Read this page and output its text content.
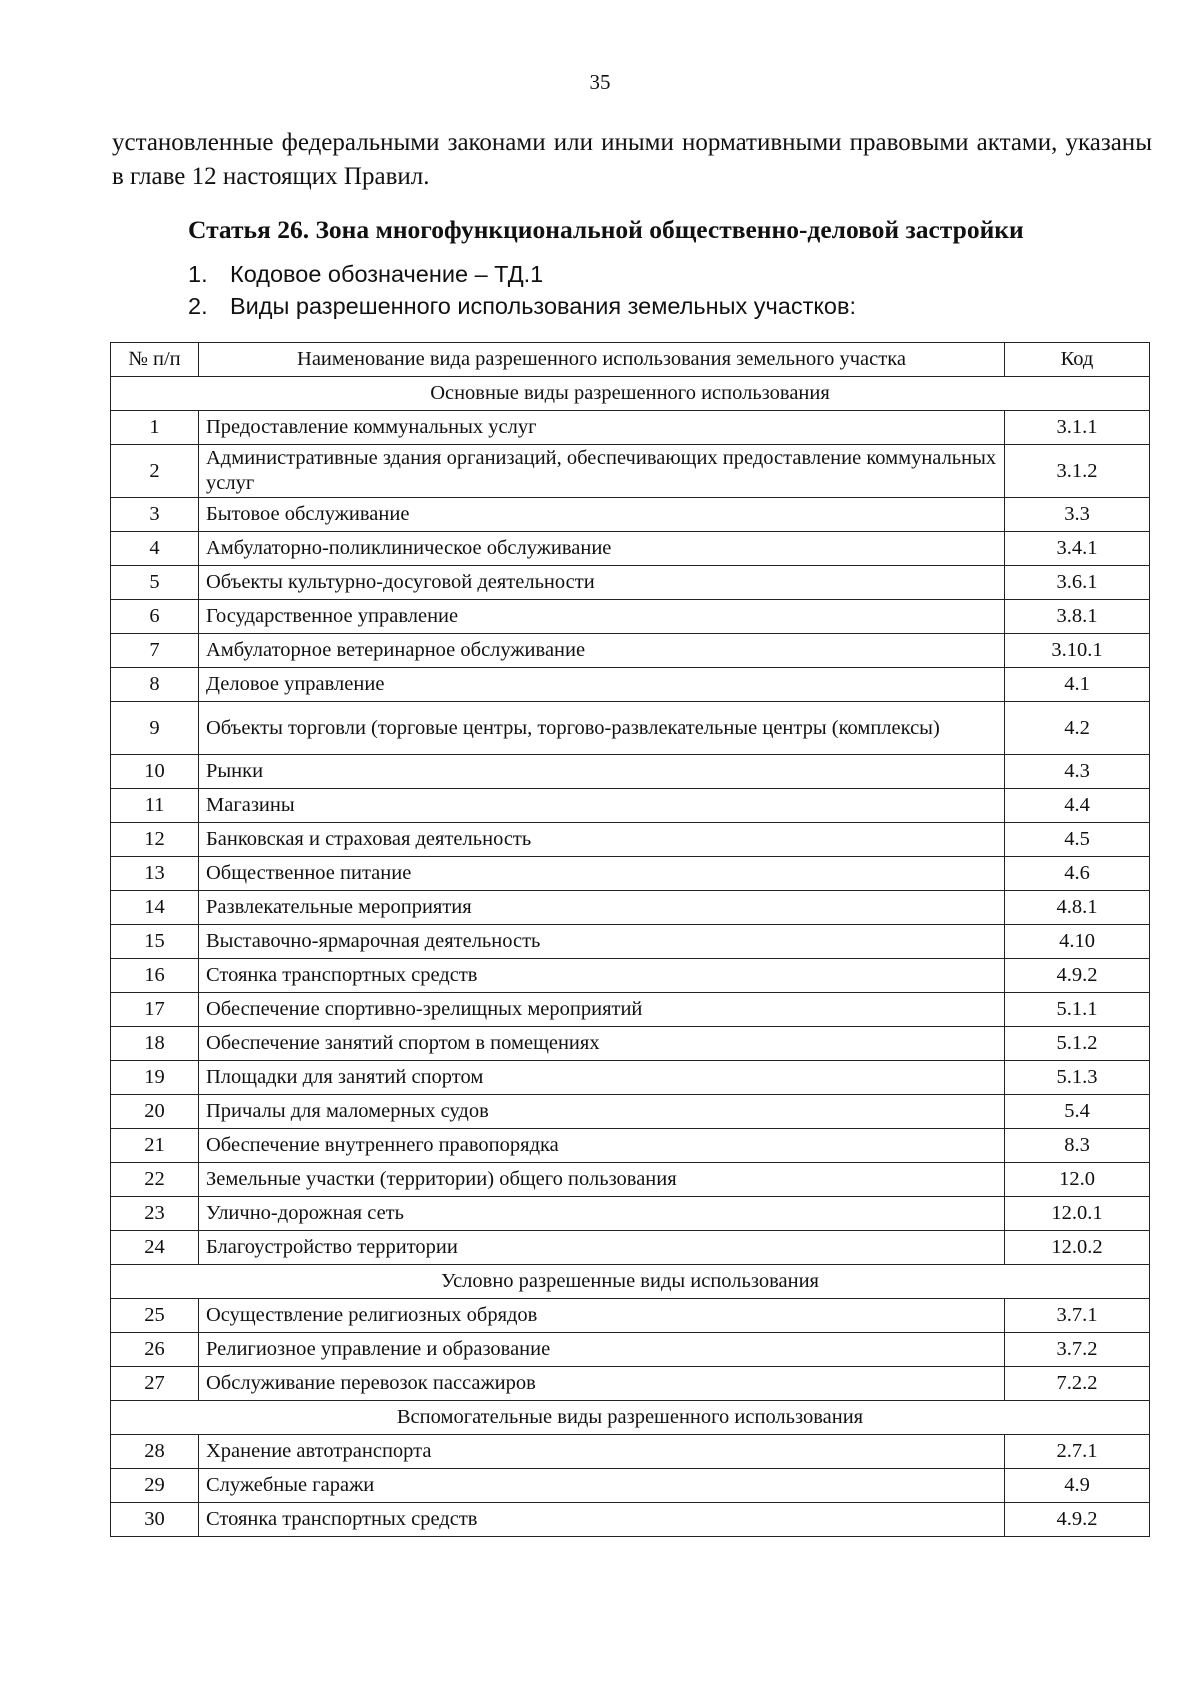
35

установленные федеральными законами или иными нормативными правовыми актами, указаны в главе 12 настоящих Правил.

Статья 26. Зона многофункциональной общественно-деловой застройки
1. Кодовое обозначение – ТД.1
2. Виды разрешенного использования земельных участков:
№ п/п	Наименование вида разрешенного использования земельного участка	Код
Основные виды разрешенного использования		
1	Предоставление коммунальных услуг	3.1.1
2	Административные здания организаций, обеспечивающих предоставление коммунальных услуг	3.1.2
3	Бытовое обслуживание	3.3
4	Амбулаторно-поликлиническое обслуживание	3.4.1
5	Объекты культурно-досуговой деятельности	3.6.1
6	Государственное управление	3.8.1
7	Амбулаторное ветеринарное обслуживание	3.10.1
8	Деловое управление	4.1
9	Объекты торговли (торговые центры, торгово-развлекательные центры (комплексы)	4.2
10	Рынки	4.3
11	Магазины	4.4
12	Банковская и страховая деятельность	4.5
13	Общественное питание	4.6
14	Развлекательные мероприятия	4.8.1
15	Выставочно-ярмарочная деятельность	4.10
16	Стоянка транспортных средств	4.9.2
17	Обеспечение спортивно-зрелищных мероприятий	5.1.1
18	Обеспечение занятий спортом в помещениях	5.1.2
19	Площадки для занятий спортом	5.1.3
20	Причалы для маломерных судов	5.4
21	Обеспечение внутреннего правопорядка	8.3
22	Земельные участки (территории) общего пользования	12.0
23	Улично-дорожная сеть	12.0.1
24	Благоустройство территории	12.0.2
Условно разрешенные виды использования		
25	Осуществление религиозных обрядов	3.7.1
26	Религиозное управление и образование	3.7.2
27	Обслуживание перевозок пассажиров	7.2.2
Вспомогательные виды разрешенного использования		
28	Хранение автотранспорта	2.7.1
29	Служебные гаражи	4.9
30	Стоянка транспортных средств	4.9.2
